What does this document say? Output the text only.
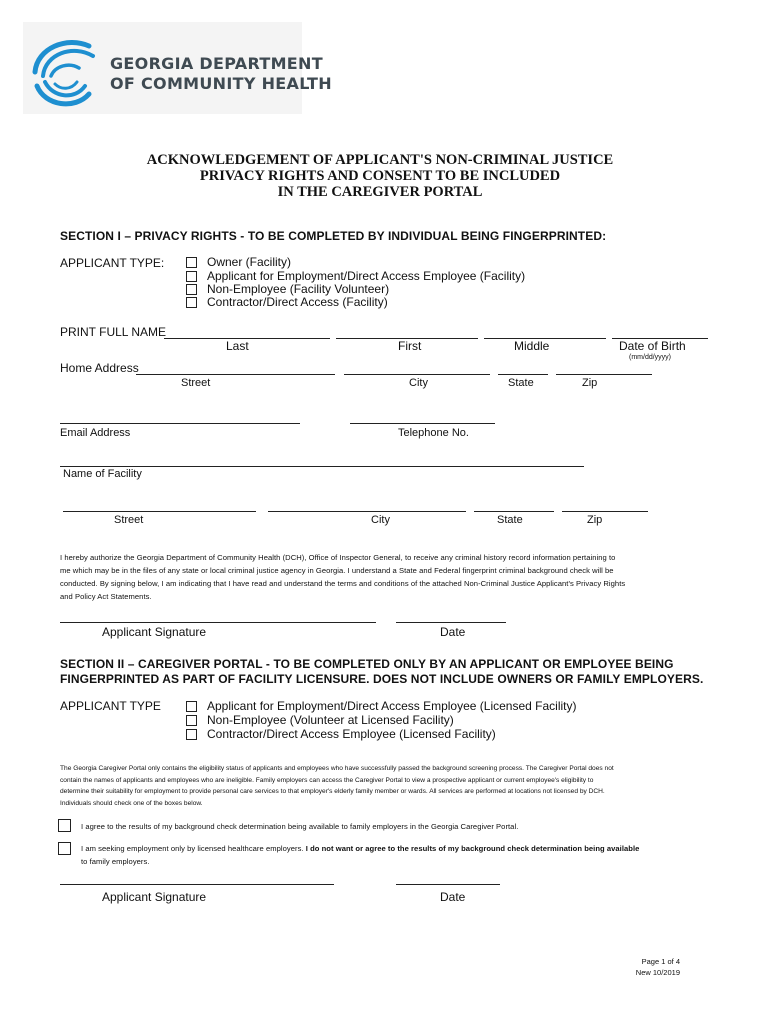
GEORGIA DEPARTMENT
OF COMMUNITY HEALTH
ACKNOWLEDGEMENT OF APPLICANT'S NON-CRIMINAL JUSTICE
PRIVACY RIGHTS AND CONSENT TO BE INCLUDED
IN THE CAREGIVER PORTAL
SECTION I – PRIVACY RIGHTS - TO BE COMPLETED BY INDIVIDUAL BEING FINGERPRINTED:
APPLICANT TYPE:	Owner (Facility)
Applicant for Employment/Direct Access Employee (Facility)
Non-Employee (Facility Volunteer)
Contractor/Direct Access (Facility)
PRINT FULL NAME
Last	First	Middle	Date of Birth
(mm/dd/yyyy)
Home Address
Street	City	State	Zip
Email Address	Telephone No.
Name of Facility
Street	City	State	Zip
I hereby authorize the Georgia Department of Community Health (DCH), Office of Inspector General, to receive any criminal history record information pertaining to
me which may be in the files of any state or local criminal justice agency in Georgia. I understand a State and Federal fingerprint criminal background check will be
conducted. By signing below, I am indicating that I have read and understand the terms and conditions of the attached Non-Criminal Justice Applicant's Privacy Rights
and Policy Act Statements.
Applicant Signature	Date
SECTION II – CAREGIVER PORTAL - TO BE COMPLETED ONLY BY AN APPLICANT OR EMPLOYEE BEING
FINGERPRINTED AS PART OF FACILITY LICENSURE. DOES NOT INCLUDE OWNERS OR FAMILY EMPLOYERS.
APPLICANT TYPE	Applicant for Employment/Direct Access Employee (Licensed Facility)
Non-Employee (Volunteer at Licensed Facility)
Contractor/Direct Access Employee (Licensed Facility)
The Georgia Caregiver Portal only contains the eligibility status of applicants and employees who have successfully passed the background screening process. The Caregiver Portal does not
contain the names of applicants and employees who are ineligible. Family employers can access the Caregiver Portal to view a prospective applicant or current employee's eligibility to
determine their suitability for employment to provide personal care services to that employer's elderly family member or wards. All services are performed at locations not licensed by DCH.
Individuals should check one of the boxes below.
I agree to the results of my background check determination being available to family employers in the Georgia Caregiver Portal.
I am seeking employment only by licensed healthcare employers. I do not want or agree to the results of my background check determination being available
to family employers.
Applicant Signature	Date
Page 1 of 4
New 10/2019
